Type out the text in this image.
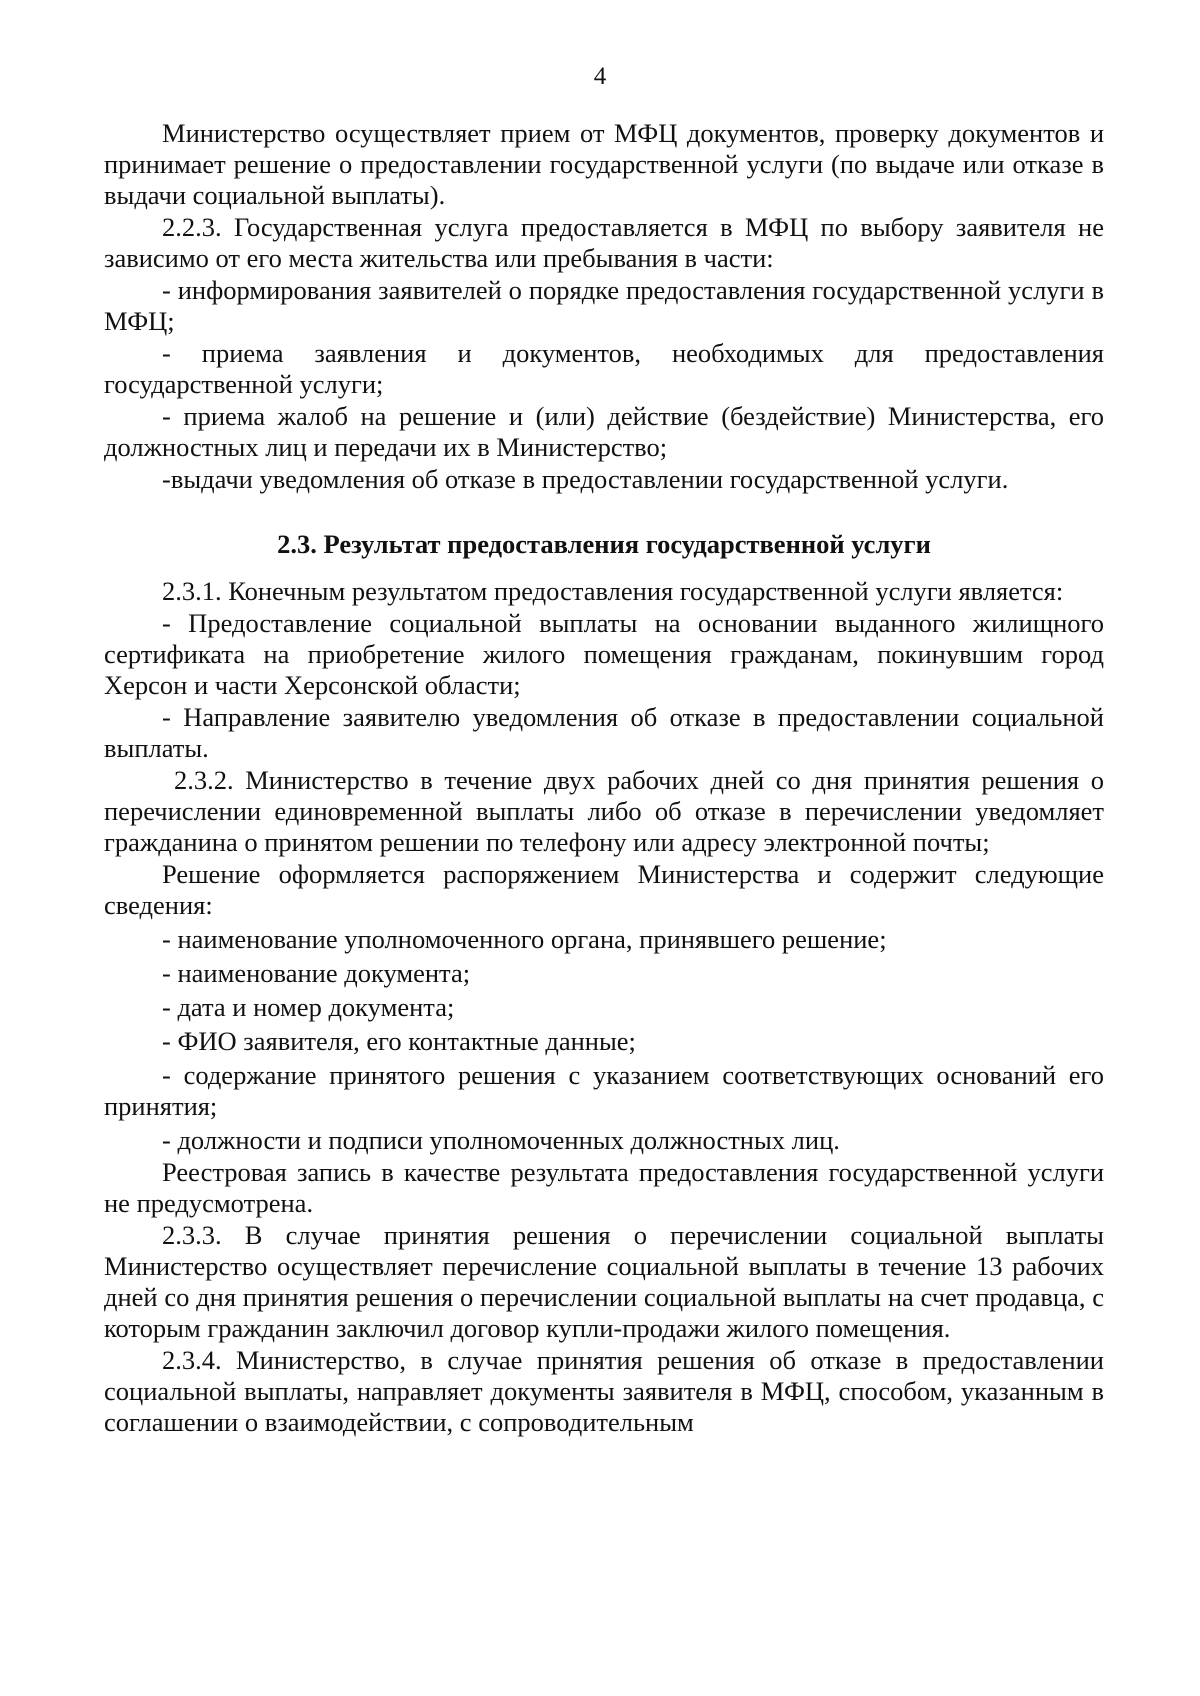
4

Министерство осуществляет прием от МФЦ документов, проверку документов и принимает решение о предоставлении государственной услуги (по выдаче или отказе в выдачи социальной выплаты).

2.2.3. Государственная услуга предоставляется в МФЦ по выбору заявителя не зависимо от его места жительства или пребывания в части:

- информирования заявителей о порядке предоставления государственной услуги в МФЦ;

- приема заявления и документов, необходимых для предоставления государственной услуги;

- приема жалоб на решение и (или) действие (бездействие) Министерства, его должностных лиц и передачи их в Министерство;

-выдачи уведомления об отказе в предоставлении государственной услуги.

2.3. Результат предоставления государственной услуги

2.3.1. Конечным результатом предоставления государственной услуги является:

- Предоставление социальной выплаты на основании выданного жилищного сертификата на приобретение жилого помещения гражданам, покинувшим город Херсон и части Херсонской области;

- Направление заявителю уведомления об отказе в предоставлении социальной выплаты.

2.3.2. Министерство в течение двух рабочих дней со дня принятия решения о перечислении единовременной выплаты либо об отказе в перечислении уведомляет гражданина о принятом решении по телефону или адресу электронной почты;

Решение оформляется распоряжением Министерства и содержит следующие сведения:

- наименование уполномоченного органа, принявшего решение;

- наименование документа;

- дата и номер документа;

- ФИО заявителя, его контактные данные;

- содержание принятого решения с указанием соответствующих оснований его принятия;

- должности и подписи уполномоченных должностных лиц.

Реестровая запись в качестве результата предоставления государственной услуги не предусмотрена.

2.3.3. В случае принятия решения о перечислении социальной выплаты Министерство осуществляет перечисление социальной выплаты в течение 13 рабочих дней со дня принятия решения о перечислении социальной выплаты на счет продавца, с которым гражданин заключил договор купли-продажи жилого помещения.

2.3.4. Министерство, в случае принятия решения об отказе в предоставлении социальной выплаты, направляет документы заявителя в МФЦ, способом, указанным в соглашении о взаимодействии, с сопроводительным
